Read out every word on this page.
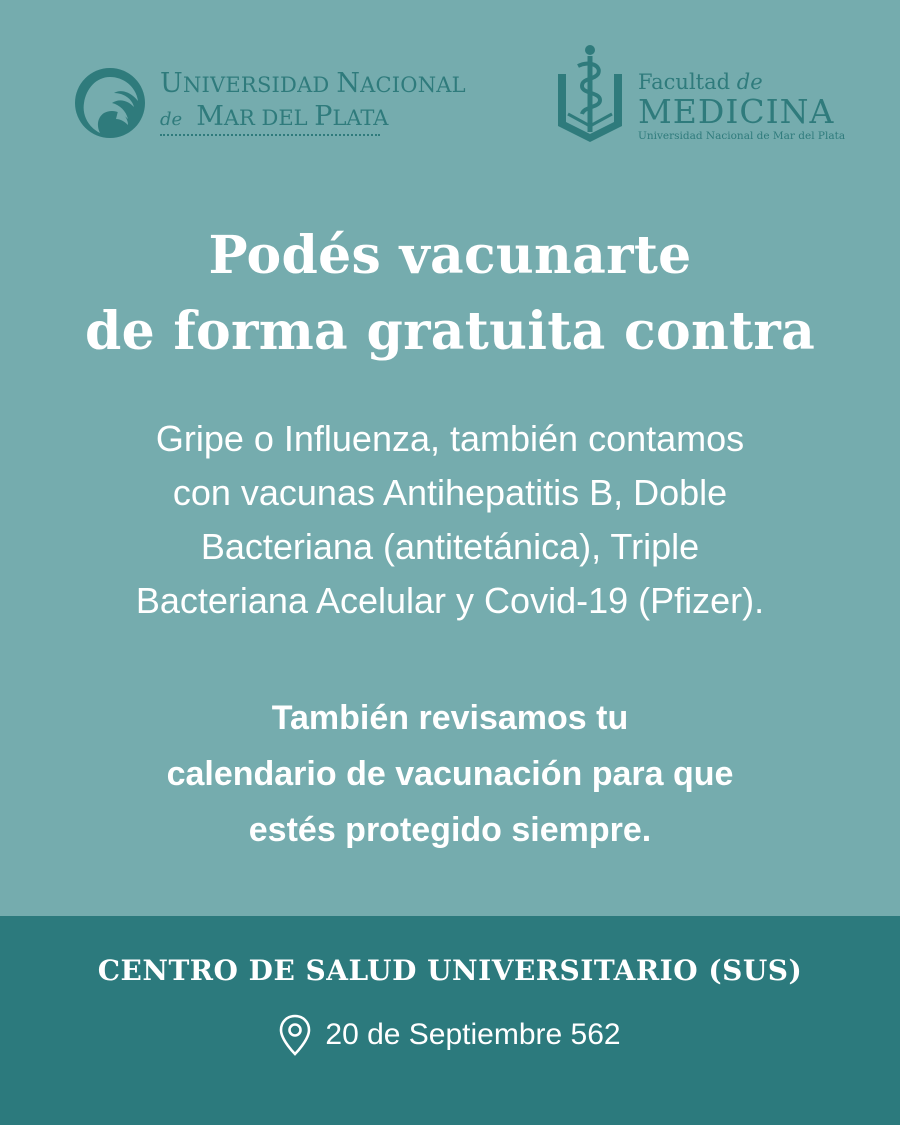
UNIVERSIDAD NACIONAL
de MAR DEL PLATA
Facultad de
MEDICINA
Universidad Nacional de Mar del Plata
Podés vacunarte
de forma gratuita contra
Gripe o Influenza, también contamos
con vacunas Antihepatitis B, Doble
Bacteriana (antitetánica), Triple
Bacteriana Acelular y Covid-19 (Pfizer).
También revisamos tu
calendario de vacunación para que
estés protegido siempre.
CENTRO DE SALUD UNIVERSITARIO (SUS)
20 de Septiembre 562
